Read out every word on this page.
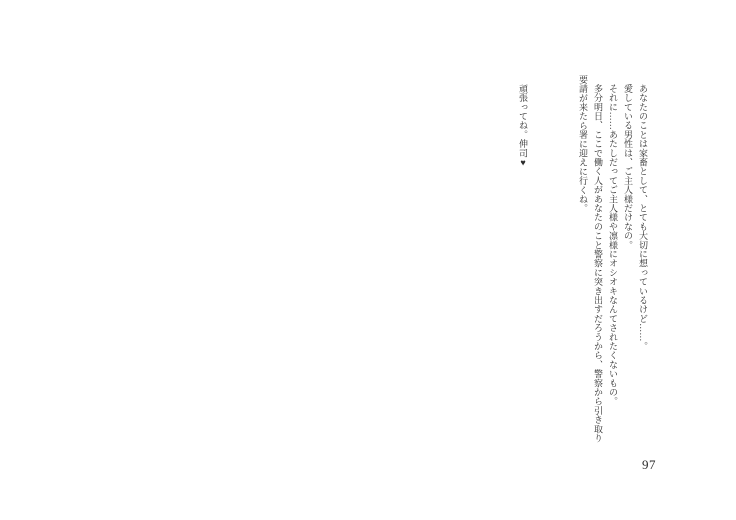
あなたのことは家畜として、とても大切に想っているけど……。

愛している男性は、ご主人様だけなの。

それに……あたしだってご主人様や凛様にオシオキなんてされたくないもの。

多分明日、ここで働く人があなたのこと警察に突き出すだろうから、警察から引き取り要請が来たら署に迎えに行くね。

頑張ってね。伸司♥

97
